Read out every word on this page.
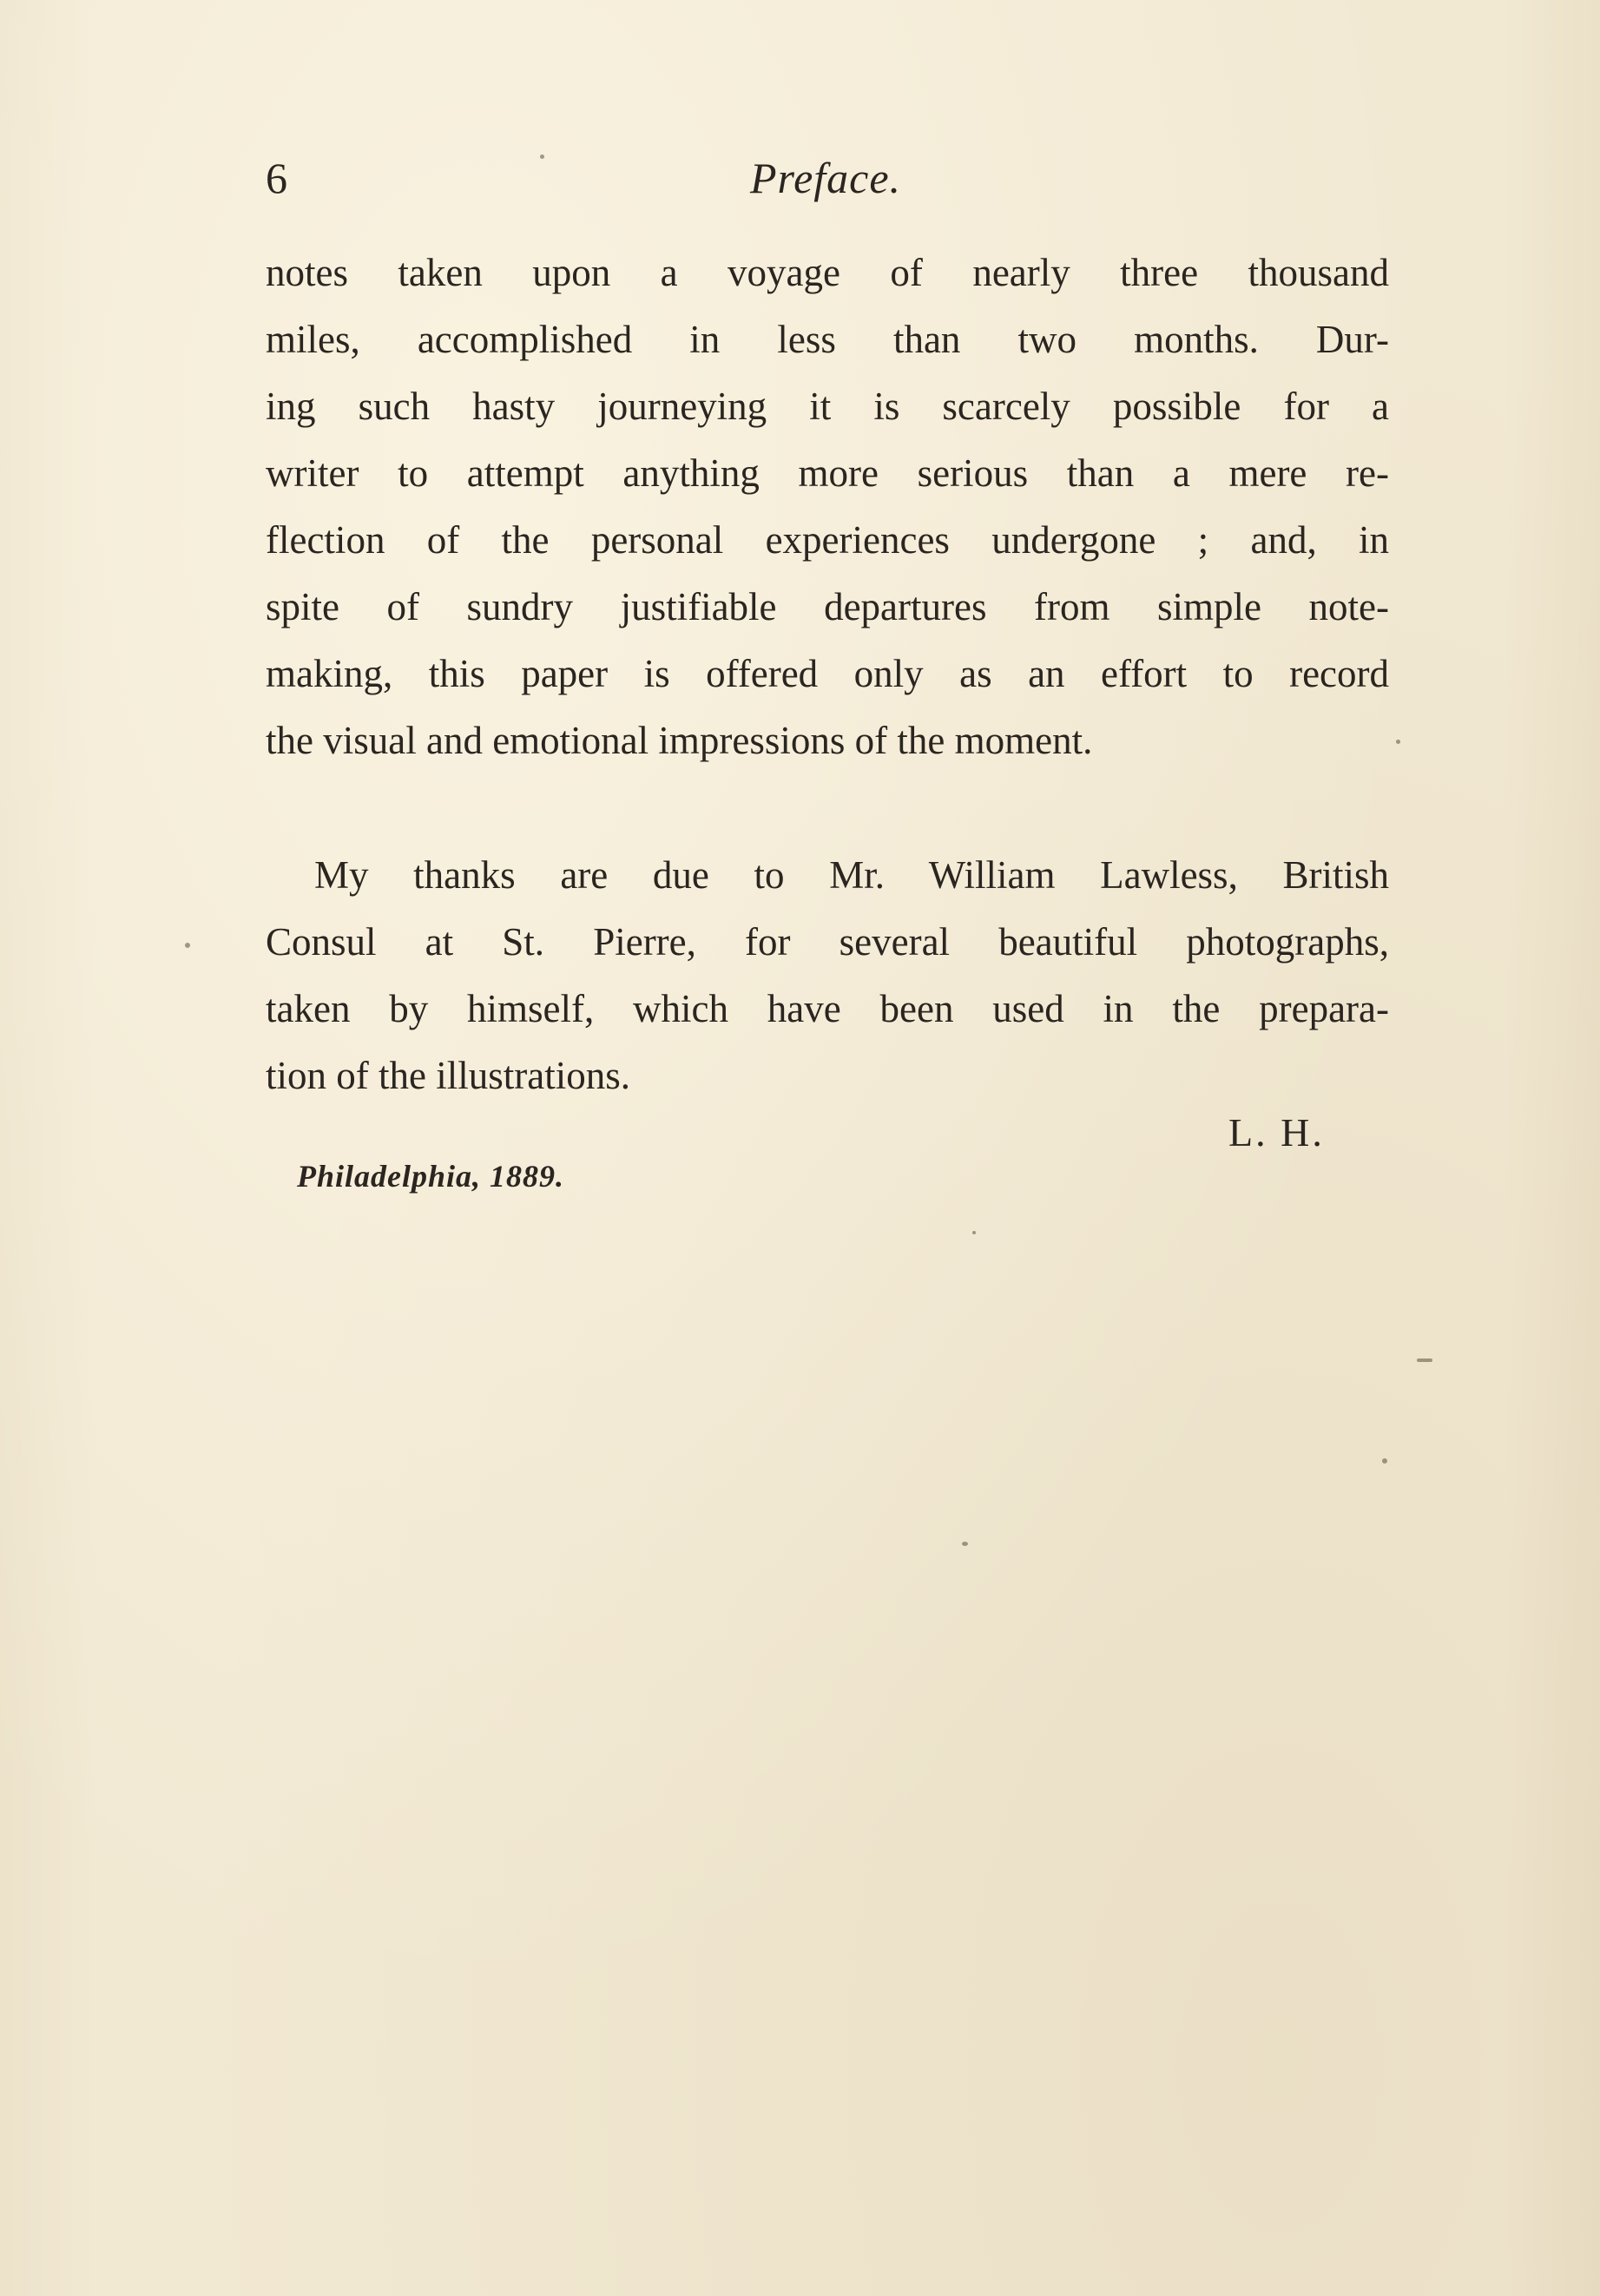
6	Preface.
notes taken upon a voyage of nearly three thousand
miles, accomplished in less than two months. Dur-
ing such hasty journeying it is scarcely possible for a
writer to attempt anything more serious than a mere re-
flection of the personal experiences undergone ; and, in
spite of sundry justifiable departures from simple note-
making, this paper is offered only as an effort to record
the visual and emotional impressions of the moment.
My thanks are due to Mr. William Lawless, British
Consul at St. Pierre, for several beautiful photographs,
taken by himself, which have been used in the prepara-
tion of the illustrations.
L. H.
Philadelphia, 1889.
